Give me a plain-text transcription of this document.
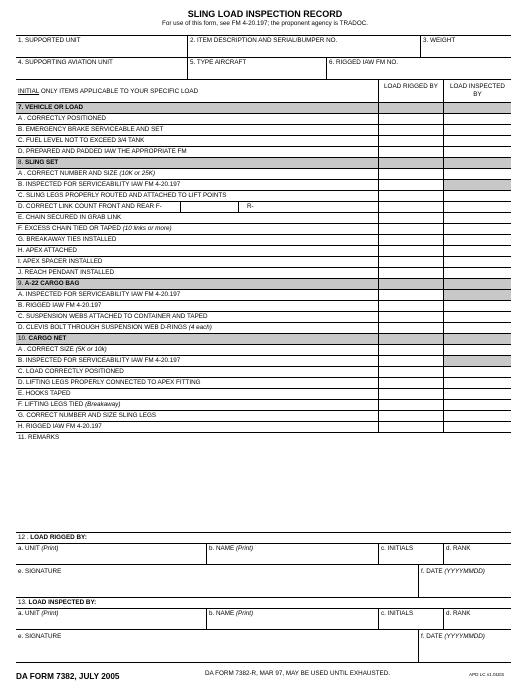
SLING LOAD INSPECTION RECORD
For use of this form, see FM 4-20.197; the proponent agency is TRADOC.
1. SUPPORTED UNIT	2. ITEM DESCRIPTION AND SERIAL/BUMPER NO.	3. WEIGHT
4. SUPPORTING AVIATION UNIT	5. TYPE AIRCRAFT	6. RIGGED IAW FM NO.
INITIAL ONLY ITEMS APPLICABLE TO YOUR SPECIFIC LOAD
LOAD RIGGED BY	LOAD INSPECTED BY
7. VEHICLE OR LOAD
A . CORRECTLY POSITIONED
B. EMERGENCY BRAKE SERVICEABLE AND SET
C. FUEL LEVEL NOT TO EXCEED 3/4 TANK
D. PREPARED AND PADDED IAW THE APPROPRIATE FM
8. SLING SET
A . CORRECT NUMBER AND SIZE (10K or 25K)
B. INSPECTED FOR SERVICEABILITY IAW FM 4-20.197
C. SLING LEGS PROPERLY ROUTED AND ATTACHED TO LIFT POINTS
D. CORRECT LINK COUNT FRONT AND REAR F-	R-
E. CHAIN SECURED IN GRAB LINK
F. EXCESS CHAIN TIED OR TAPED (10 links or more)
G. BREAKAWAY TIES INSTALLED
H. APEX ATTACHED
I. APEX SPACER INSTALLED
J. REACH PENDANT INSTALLED
9. A-22 CARGO BAG
A. INSPECTED FOR SERVICEABILITY IAW FM 4-20.197
B. RIGGED IAW FM 4-20.197
C. SUSPENSION WEBS ATTACHED TO CONTAINER AND TAPED
D. CLEVIS BOLT THROUGH SUSPENSION WEB D-RINGS (4 each)
10. CARGO NET
A . CORRECT SIZE (5K or 10k)
B. INSPECTED FOR SERVICEABILITY IAW FM 4-20.197
C. LOAD CORRECTLY POSITIONED
D. LIFTING LEGS PROPERLY CONNECTED TO APEX FITTING
E. HOOKS TAPED
F. LIFTING LEGS TIED (Breakaway)
G. CORRECT NUMBER AND SIZE SLING LEGS
H. RIGGED IAW FM 4-20.197
11. REMARKS
12 . LOAD RIGGED BY:
a. UNIT (Print)	b. NAME (Print)	c. INITIALS	d. RANK
e. SIGNATURE	f. DATE (YYYYMMDD)
13. LOAD INSPECTED BY:
a. UNIT (Print)	b. NAME (Print)	c. INITIALS	d. RANK
e. SIGNATURE	f. DATE (YYYYMMDD)
DA FORM 7382, JULY 2005	DA FORM 7382-R, MAR 97, MAY BE USED UNTIL EXHAUSTED.	APD LC v1.01ES
